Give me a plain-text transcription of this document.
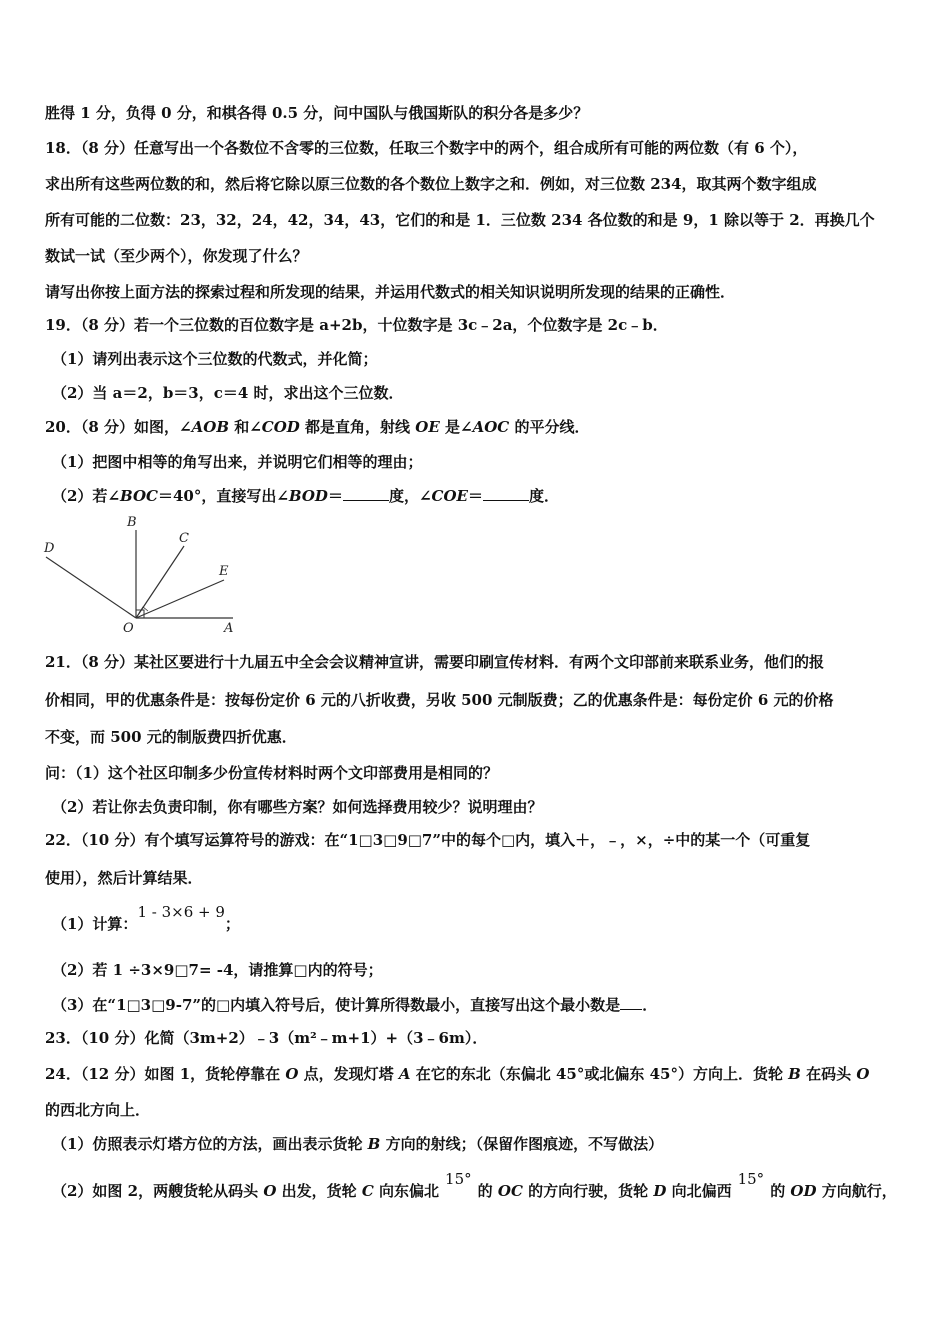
胜得 1 分，负得 0 分，和棋各得 0.5 分，问中国队与俄国斯队的积分各是多少？
18．（8 分）任意写出一个各数位不含零的三位数，任取三个数字中的两个，组合成所有可能的两位数（有 6 个），
求出所有这些两位数的和，然后将它除以原三位数的各个数位上数字之和．例如，对三位数 234，取其两个数字组成
所有可能的二位数：23，32，24，42，34，43，它们的和是 1．三位数 234 各位数的和是 9，1 除以等于 2．再换几个
数试一试（至少两个），你发现了什么？
请写出你按上面方法的探索过程和所发现的结果，并运用代数式的相关知识说明所发现的结果的正确性．
19．（8 分）若一个三位数的百位数字是 a+2b，十位数字是 3c﹣2a，个位数字是 2c﹣b．
（1）请列出表示这个三位数的代数式，并化简；
（2）当 a＝2，b＝3，c＝4 时，求出这个三位数．
20．（8 分）如图，∠AOB 和∠COD 都是直角，射线 OE 是∠AOC 的平分线．
（1）把图中相等的角写出来，并说明它们相等的理由；
（2）若∠BOC＝40°，直接写出∠BOD＝	度，∠COE＝	度．
B
C
D
E
O	A
21．（8 分）某社区要进行十九届五中全会会议精神宣讲，需要印刷宣传材料．有两个文印部前来联系业务，他们的报
价相同，甲的优惠条件是：按每份定价 6 元的八折收费，另收 500 元制版费；乙的优惠条件是：每份定价 6 元的价格
不变，而 500 元的制版费四折优惠．
问：（1）这个社区印制多少份宣传材料时两个文印部费用是相同的？
（2）若让你去负责印制，你有哪些方案？如何选择费用较少？说明理由？
22．（10 分）有个填写运算符号的游戏：在“1□3□9□7”中的每个□内，填入＋，﹣，×，÷中的某一个（可重复
使用），然后计算结果．
（1）计算：1 - 3×6 + 9；
（2）若 1 ÷3×9□7= -4，请推算□内的符号；
（3）在“1□3□9-7”的□内填入符号后，使计算所得数最小，直接写出这个最小数是 ．
23．（10 分）化简（3m+2）﹣3（m²﹣m+1）+（3﹣6m）．
24．（12 分）如图 1，货轮停靠在 O 点，发现灯塔 A 在它的东北（东偏北 45°或北偏东 45°）方向上．货轮 B 在码头 O
的西北方向上．
（1）仿照表示灯塔方位的方法，画出表示货轮 B 方向的射线；（保留作图痕迹，不写做法）
（2）如图 2，两艘货轮从码头 O 出发，货轮 C 向东偏北15°的 OC 的方向行驶，货轮 D 向北偏西15°的 OD 方向航行，
